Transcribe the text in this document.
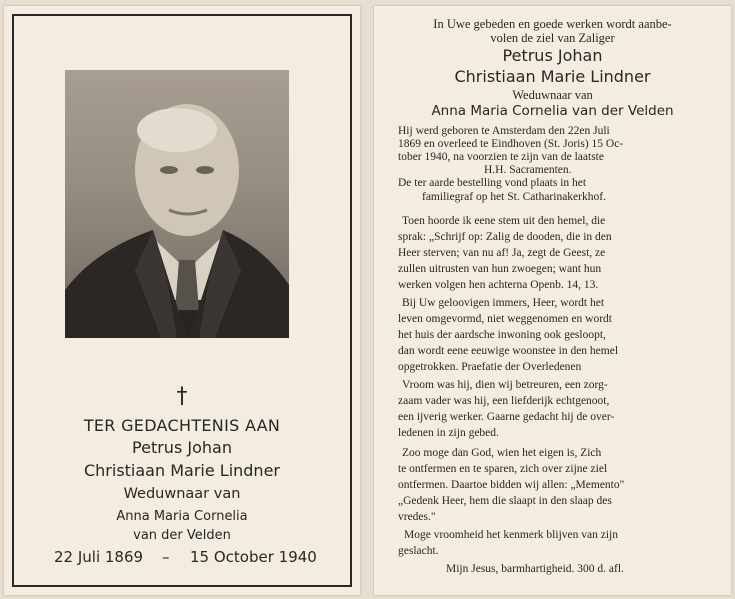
†
TER GEDACHTENIS AAN
Petrus Johan
Christiaan Marie Lindner
Weduwnaar van
Anna Maria Cornelia
van der Velden
22 Juli 1869 – 15 October 1940
In Uwe gebeden en goede werken wordt aanbe-
volen de ziel van Zaliger
Petrus Johan
Christiaan Marie Lindner
Weduwnaar van
Anna Maria Cornelia van der Velden
Hij werd geboren te Amsterdam den 22en Juli
1869 en overleed te Eindhoven (St. Joris) 15 Oc-
tober 1940, na voorzien te zijn van de laatste
H.H. Sacramenten.
De ter aarde bestelling vond plaats in het
familiegraf op het St. Catharinakerkhof.
Toen hoorde ik eene stem uit den hemel, die
sprak: „Schrijf op: Zalig de dooden, die in den
Heer sterven; van nu af! Ja, zegt de Geest, ze
zullen uitrusten van hun zwoegen; want hun
werken volgen hen achterna Openb. 14, 13.
Bij Uw geloovigen immers, Heer, wordt het
leven omgevormd, niet weggenomen en wordt
het huis der aardsche inwoning ook gesloopt,
dan wordt eene eeuwige woonstee in den hemel
opgetrokken. Praefatie der Overledenen
Vroom was hij, dien wij betreuren, een zorg-
zaam vader was hij, een liefderijk echtgenoot,
een ijverig werker. Gaarne gedacht hij de over-
ledenen in zijn gebed.
Zoo moge dan God, wien het eigen is, Zich
te ontfermen en te sparen, zich over zijne ziel
ontfermen. Daartoe bidden wij allen: „Memento"
„Gedenk Heer, hem die slaapt in den slaap des
vredes."
Moge vroomheid het kenmerk blijven van zijn
geslacht.
Mijn Jesus, barmhartigheid. 300 d. afl.
